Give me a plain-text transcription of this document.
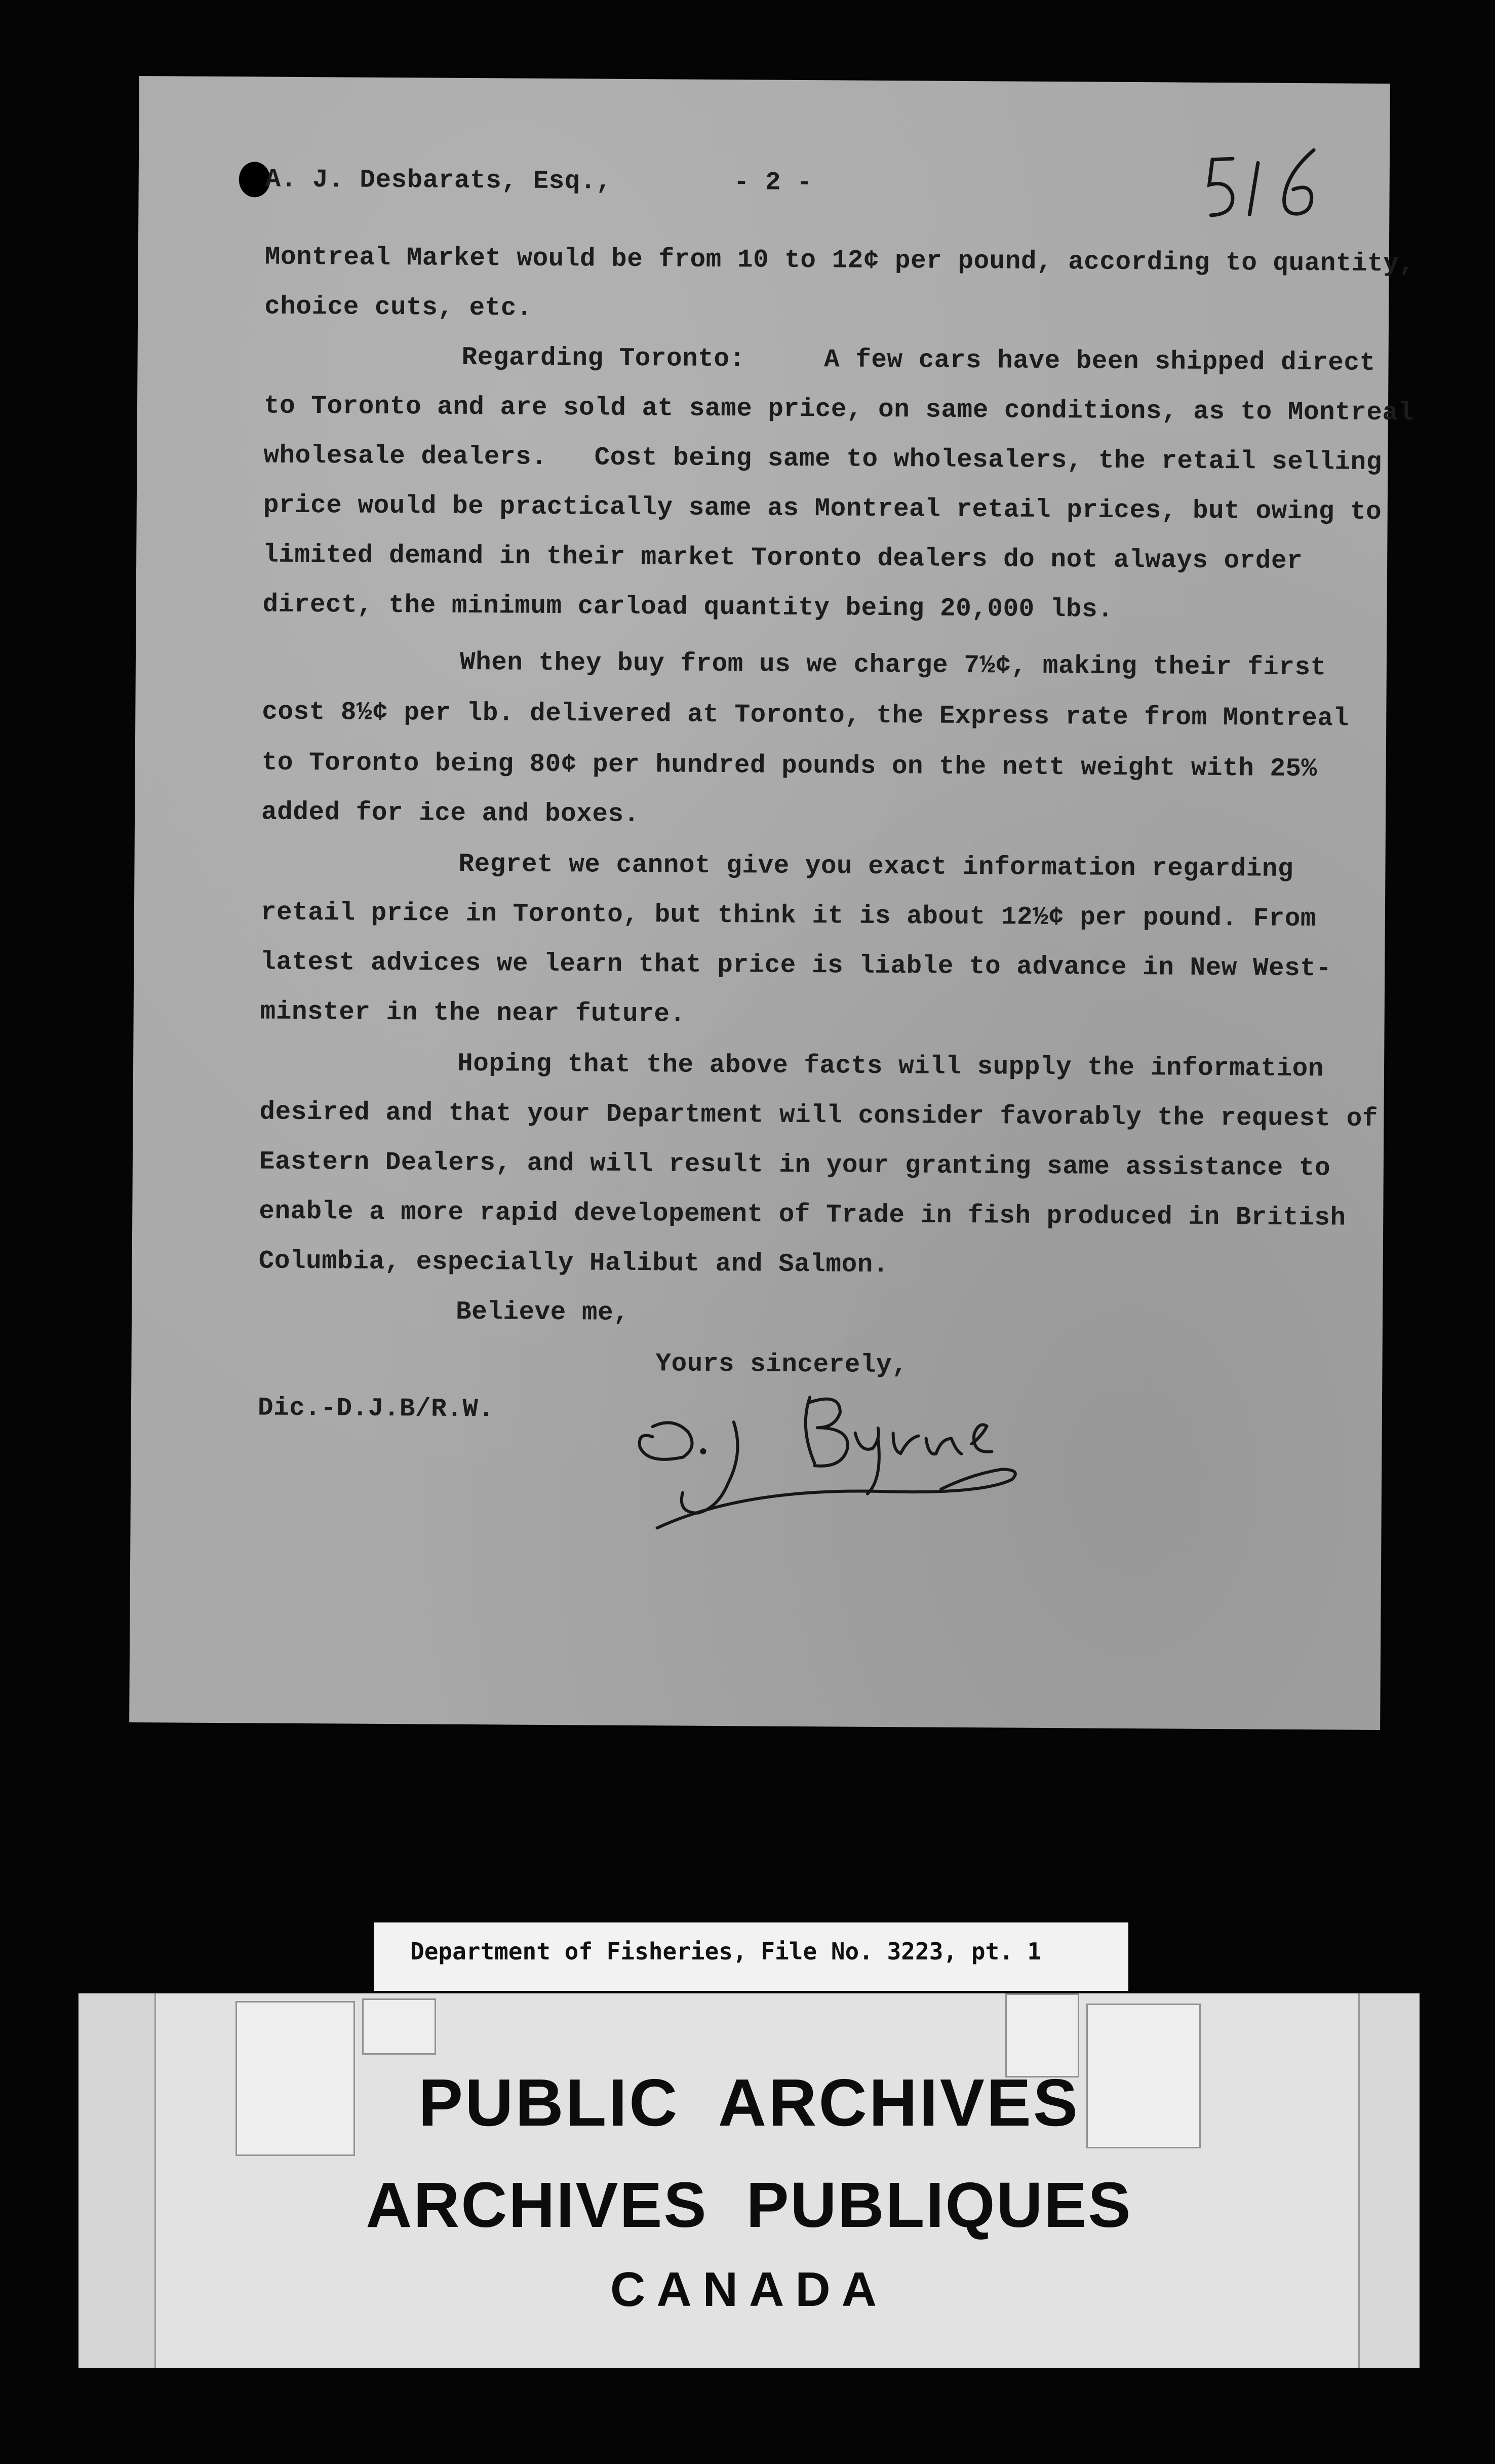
A. J. Desbarats, Esq.,	- 2 -
Montreal Market would be from 10 to 12¢ per pound, according to quantity,
choice cuts, etc.
Regarding Toronto:     A few cars have been shipped direct
to Toronto and are sold at same price, on same conditions, as to Montreal
wholesale dealers.   Cost being same to wholesalers, the retail selling
price would be practically same as Montreal retail prices, but owing to
limited demand in their market Toronto dealers do not always order
direct, the minimum carload quantity being 20,000 lbs.
When they buy from us we charge 7½¢, making their first
cost 8½¢ per lb. delivered at Toronto, the Express rate from Montreal
to Toronto being 80¢ per hundred pounds on the nett weight with 25%
added for ice and boxes.
Regret we cannot give you exact information regarding
retail price in Toronto, but think it is about 12½¢ per pound. From
latest advices we learn that price is liable to advance in New West-
minster in the near future.
Hoping that the above facts will supply the information
desired and that your Department will consider favorably the request of
Eastern Dealers, and will result in your granting same assistance to
enable a more rapid developement of Trade in fish produced in British
Columbia, especially Halibut and Salmon.
Believe me,
Yours sincerely,
Dic.-D.J.B/R.W.
Department of Fisheries, File No. 3223, pt. 1
PUBLIC  ARCHIVES
ARCHIVES  PUBLIQUES
CANADA
